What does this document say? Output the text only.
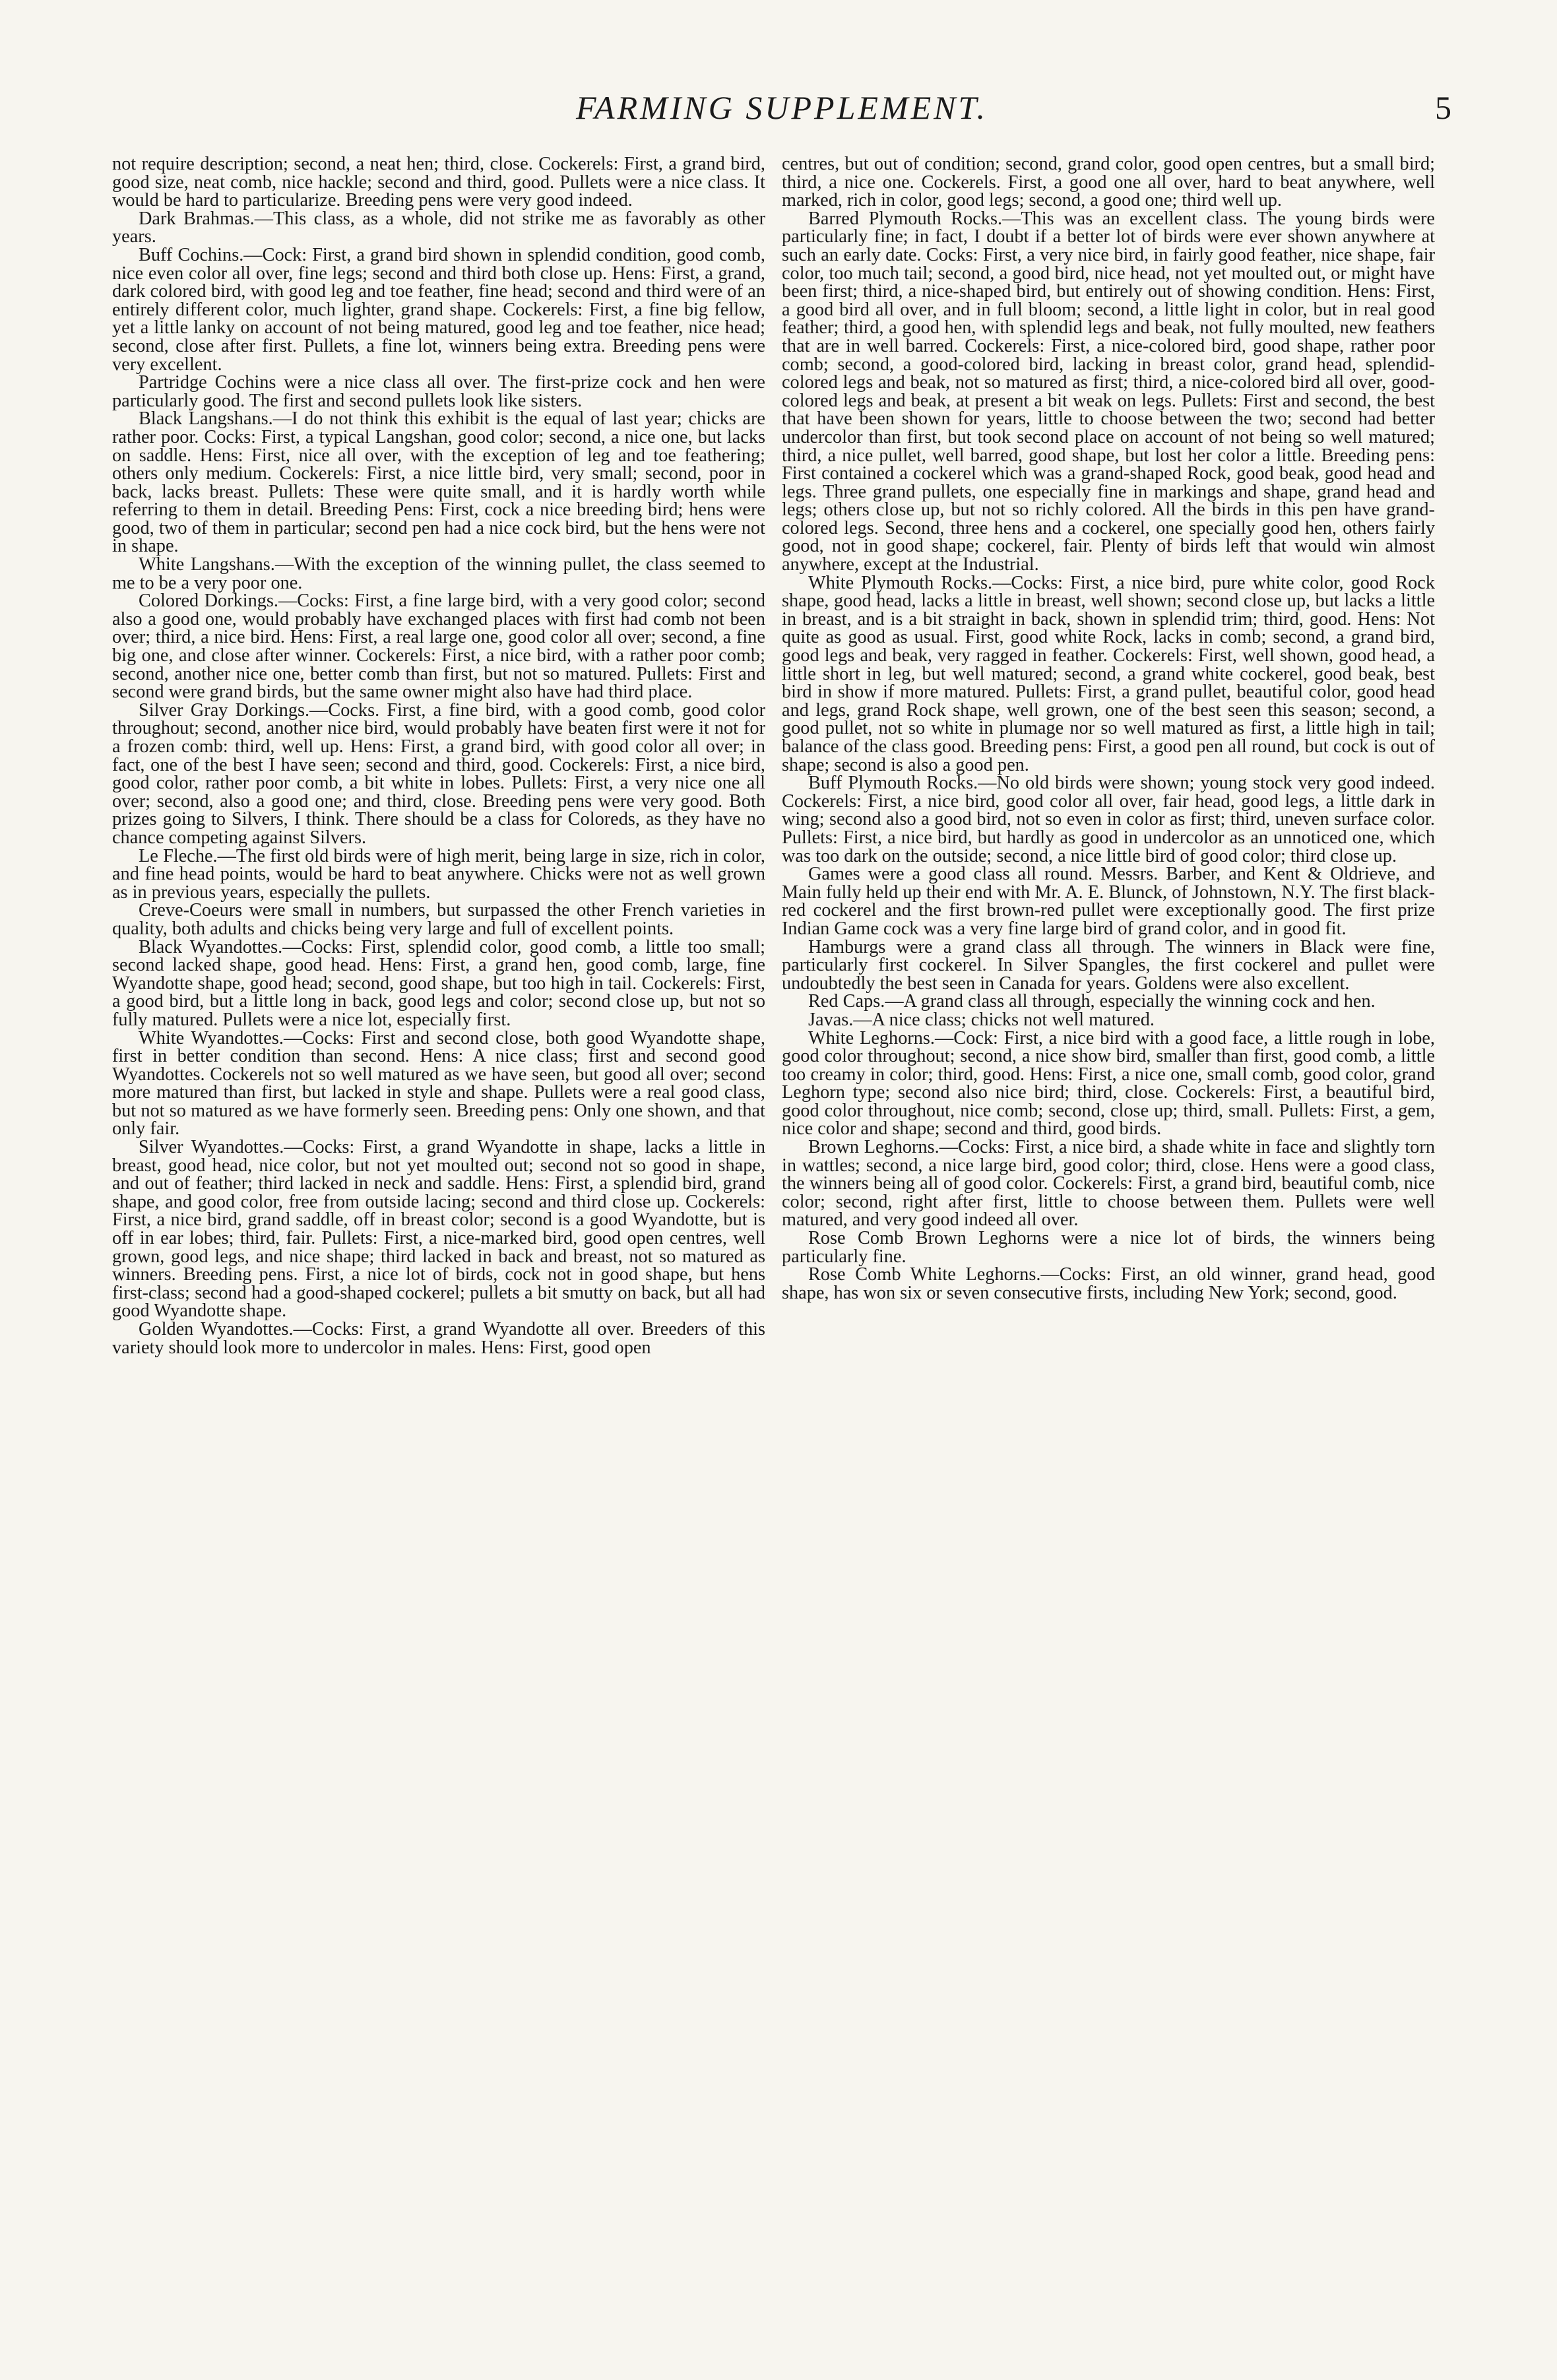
FARMING SUPPLEMENT.	5

not require description; second, a neat hen; third, close. Cockerels: First, a grand bird, good size, neat comb, nice hackle; second and third, good. Pullets were a nice class. It would be hard to particularize. Breeding pens were very good indeed.

Dark Brahmas.—This class, as a whole, did not strike me as favorably as other years.

Buff Cochins.—Cock: First, a grand bird shown in splendid condition, good comb, nice even color all over, fine legs; second and third both close up. Hens: First, a grand, dark colored bird, with good leg and toe feather, fine head; second and third were of an entirely different color, much lighter, grand shape. Cockerels: First, a fine big fellow, yet a little lanky on account of not being matured, good leg and toe feather, nice head; second, close after first. Pullets, a fine lot, winners being extra. Breeding pens were very excellent.

Partridge Cochins were a nice class all over. The first-prize cock and hen were particularly good. The first and second pullets look like sisters.

Black Langshans.—I do not think this exhibit is the equal of last year; chicks are rather poor. Cocks: First, a typical Langshan, good color; second, a nice one, but lacks on saddle. Hens: First, nice all over, with the exception of leg and toe feathering; others only medium. Cockerels: First, a nice little bird, very small; second, poor in back, lacks breast. Pullets: These were quite small, and it is hardly worth while referring to them in detail. Breeding Pens: First, cock a nice breeding bird; hens were good, two of them in particular; second pen had a nice cock bird, but the hens were not in shape.

White Langshans.—With the exception of the winning pullet, the class seemed to me to be a very poor one.

Colored Dorkings.—Cocks: First, a fine large bird, with a very good color; second also a good one, would probably have exchanged places with first had comb not been over; third, a nice bird. Hens: First, a real large one, good color all over; second, a fine big one, and close after winner. Cockerels: First, a nice bird, with a rather poor comb; second, another nice one, better comb than first, but not so matured. Pullets: First and second were grand birds, but the same owner might also have had third place.

Silver Gray Dorkings.—Cocks. First, a fine bird, with a good comb, good color throughout; second, another nice bird, would probably have beaten first were it not for a frozen comb: third, well up. Hens: First, a grand bird, with good color all over; in fact, one of the best I have seen; second and third, good. Cockerels: First, a nice bird, good color, rather poor comb, a bit white in lobes. Pullets: First, a very nice one all over; second, also a good one; and third, close. Breeding pens were very good. Both prizes going to Silvers, I think. There should be a class for Coloreds, as they have no chance competing against Silvers.

Le Fleche.—The first old birds were of high merit, being large in size, rich in color, and fine head points, would be hard to beat anywhere. Chicks were not as well grown as in previous years, especially the pullets.

Creve-Coeurs were small in numbers, but surpassed the other French varieties in quality, both adults and chicks being very large and full of excellent points.

Black Wyandottes.—Cocks: First, splendid color, good comb, a little too small; second lacked shape, good head. Hens: First, a grand hen, good comb, large, fine Wyandotte shape, good head; second, good shape, but too high in tail. Cockerels: First, a good bird, but a little long in back, good legs and color; second close up, but not so fully matured. Pullets were a nice lot, especially first.

White Wyandottes.—Cocks: First and second close, both good Wyandotte shape, first in better condition than second. Hens: A nice class; first and second good Wyandottes. Cockerels not so well matured as we have seen, but good all over; second more matured than first, but lacked in style and shape. Pullets were a real good class, but not so matured as we have formerly seen. Breeding pens: Only one shown, and that only fair.

Silver Wyandottes.—Cocks: First, a grand Wyandotte in shape, lacks a little in breast, good head, nice color, but not yet moulted out; second not so good in shape, and out of feather; third lacked in neck and saddle. Hens: First, a splendid bird, grand shape, and good color, free from outside lacing; second and third close up. Cockerels: First, a nice bird, grand saddle, off in breast color; second is a good Wyandotte, but is off in ear lobes; third, fair. Pullets: First, a nice-marked bird, good open centres, well grown, good legs, and nice shape; third lacked in back and breast, not so matured as winners. Breeding pens. First, a nice lot of birds, cock not in good shape, but hens first-class; second had a good-shaped cockerel; pullets a bit smutty on back, but all had good Wyandotte shape.

Golden Wyandottes.—Cocks: First, a grand Wyandotte all over. Breeders of this variety should look more to undercolor in males. Hens: First, good open

centres, but out of condition; second, grand color, good open centres, but a small bird; third, a nice one. Cockerels. First, a good one all over, hard to beat anywhere, well marked, rich in color, good legs; second, a good one; third well up.

Barred Plymouth Rocks.—This was an excellent class. The young birds were particularly fine; in fact, I doubt if a better lot of birds were ever shown anywhere at such an early date. Cocks: First, a very nice bird, in fairly good feather, nice shape, fair color, too much tail; second, a good bird, nice head, not yet moulted out, or might have been first; third, a nice-shaped bird, but entirely out of showing condition. Hens: First, a good bird all over, and in full bloom; second, a little light in color, but in real good feather; third, a good hen, with splendid legs and beak, not fully moulted, new feathers that are in well barred. Cockerels: First, a nice-colored bird, good shape, rather poor comb; second, a good-colored bird, lacking in breast color, grand head, splendid-colored legs and beak, not so matured as first; third, a nice-colored bird all over, good-colored legs and beak, at present a bit weak on legs. Pullets: First and second, the best that have been shown for years, little to choose between the two; second had better undercolor than first, but took second place on account of not being so well matured; third, a nice pullet, well barred, good shape, but lost her color a little. Breeding pens: First contained a cockerel which was a grand-shaped Rock, good beak, good head and legs. Three grand pullets, one especially fine in markings and shape, grand head and legs; others close up, but not so richly colored. All the birds in this pen have grand-colored legs. Second, three hens and a cockerel, one specially good hen, others fairly good, not in good shape; cockerel, fair. Plenty of birds left that would win almost anywhere, except at the Industrial.

White Plymouth Rocks.—Cocks: First, a nice bird, pure white color, good Rock shape, good head, lacks a little in breast, well shown; second close up, but lacks a little in breast, and is a bit straight in back, shown in splendid trim; third, good. Hens: Not quite as good as usual. First, good white Rock, lacks in comb; second, a grand bird, good legs and beak, very ragged in feather. Cockerels: First, well shown, good head, a little short in leg, but well matured; second, a grand white cockerel, good beak, best bird in show if more matured. Pullets: First, a grand pullet, beautiful color, good head and legs, grand Rock shape, well grown, one of the best seen this season; second, a good pullet, not so white in plumage nor so well matured as first, a little high in tail; balance of the class good. Breeding pens: First, a good pen all round, but cock is out of shape; second is also a good pen.

Buff Plymouth Rocks.—No old birds were shown; young stock very good indeed. Cockerels: First, a nice bird, good color all over, fair head, good legs, a little dark in wing; second also a good bird, not so even in color as first; third, uneven surface color. Pullets: First, a nice bird, but hardly as good in undercolor as an unnoticed one, which was too dark on the outside; second, a nice little bird of good color; third close up.

Games were a good class all round. Messrs. Barber, and Kent & Oldrieve, and Main fully held up their end with Mr. A. E. Blunck, of Johnstown, N.Y. The first black-red cockerel and the first brown-red pullet were exceptionally good. The first prize Indian Game cock was a very fine large bird of grand color, and in good fit.

Hamburgs were a grand class all through. The winners in Black were fine, particularly first cockerel. In Silver Spangles, the first cockerel and pullet were undoubtedly the best seen in Canada for years. Goldens were also excellent.

Red Caps.—A grand class all through, especially the winning cock and hen.

Javas.—A nice class; chicks not well matured.

White Leghorns.—Cock: First, a nice bird with a good face, a little rough in lobe, good color throughout; second, a nice show bird, smaller than first, good comb, a little too creamy in color; third, good. Hens: First, a nice one, small comb, good color, grand Leghorn type; second also nice bird; third, close. Cockerels: First, a beautiful bird, good color throughout, nice comb; second, close up; third, small. Pullets: First, a gem, nice color and shape; second and third, good birds.

Brown Leghorns.—Cocks: First, a nice bird, a shade white in face and slightly torn in wattles; second, a nice large bird, good color; third, close. Hens were a good class, the winners being all of good color. Cockerels: First, a grand bird, beautiful comb, nice color; second, right after first, little to choose between them. Pullets were well matured, and very good indeed all over.

Rose Comb Brown Leghorns were a nice lot of birds, the winners being particularly fine.

Rose Comb White Leghorns.—Cocks: First, an old winner, grand head, good shape, has won six or seven consecutive firsts, including New York; second, good.
